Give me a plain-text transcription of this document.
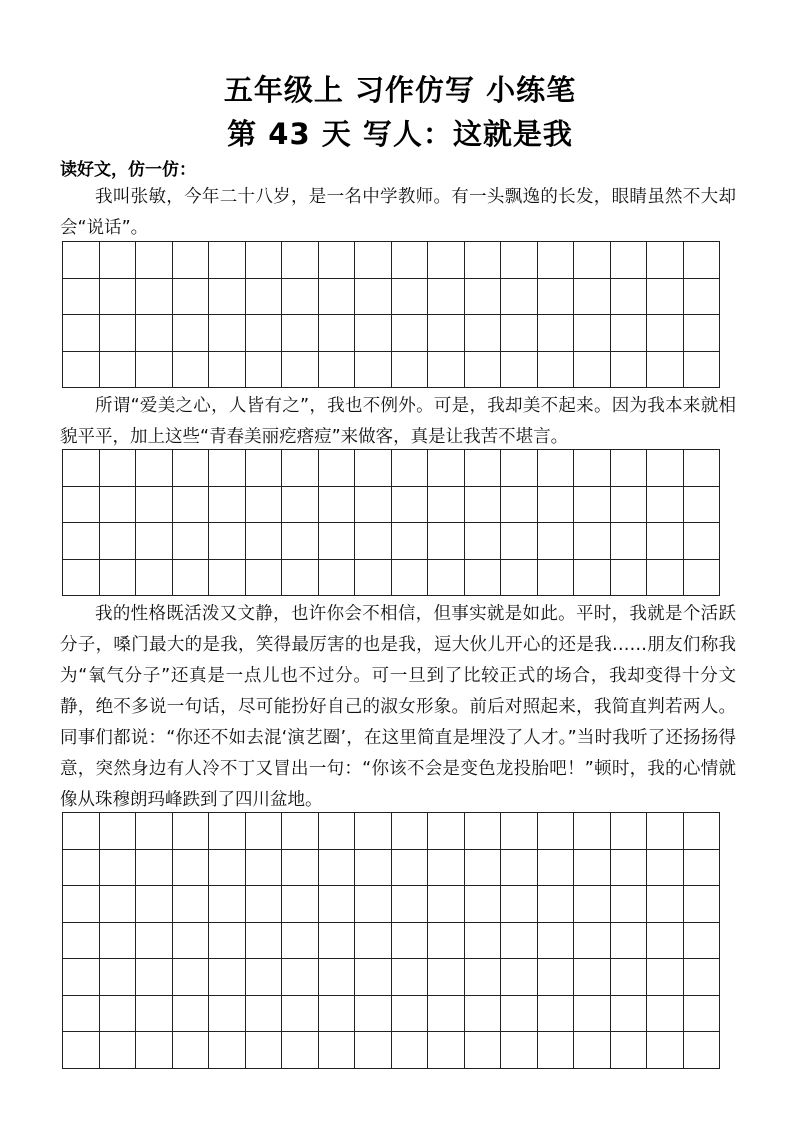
五年级上 习作仿写 小练笔
第 43 天 写人：这就是我
读好文，仿一仿：
我叫张敏，今年二十八岁，是一名中学教师。有一头飘逸的长发，眼睛虽然不大却会“说话”。
所谓“爱美之心，人皆有之”，我也不例外。可是，我却美不起来。因为我本来就相貌平平，加上这些“青春美丽疙瘩痘”来做客，真是让我苦不堪言。
我的性格既活泼又文静，也许你会不相信，但事实就是如此。平时，我就是个活跃分子，嗓门最大的是我，笑得最厉害的也是我，逗大伙儿开心的还是我……朋友们称我为“氧气分子”还真是一点儿也不过分。可一旦到了比较正式的场合，我却变得十分文静，绝不多说一句话，尽可能扮好自己的淑女形象。前后对照起来，我简直判若两人。同事们都说：“你还不如去混‘演艺圈’，在这里简直是埋没了人才。”当时我听了还扬扬得意，突然身边有人冷不丁又冒出一句：“你该不会是变色龙投胎吧！”顿时，我的心情就像从珠穆朗玛峰跌到了四川盆地。
